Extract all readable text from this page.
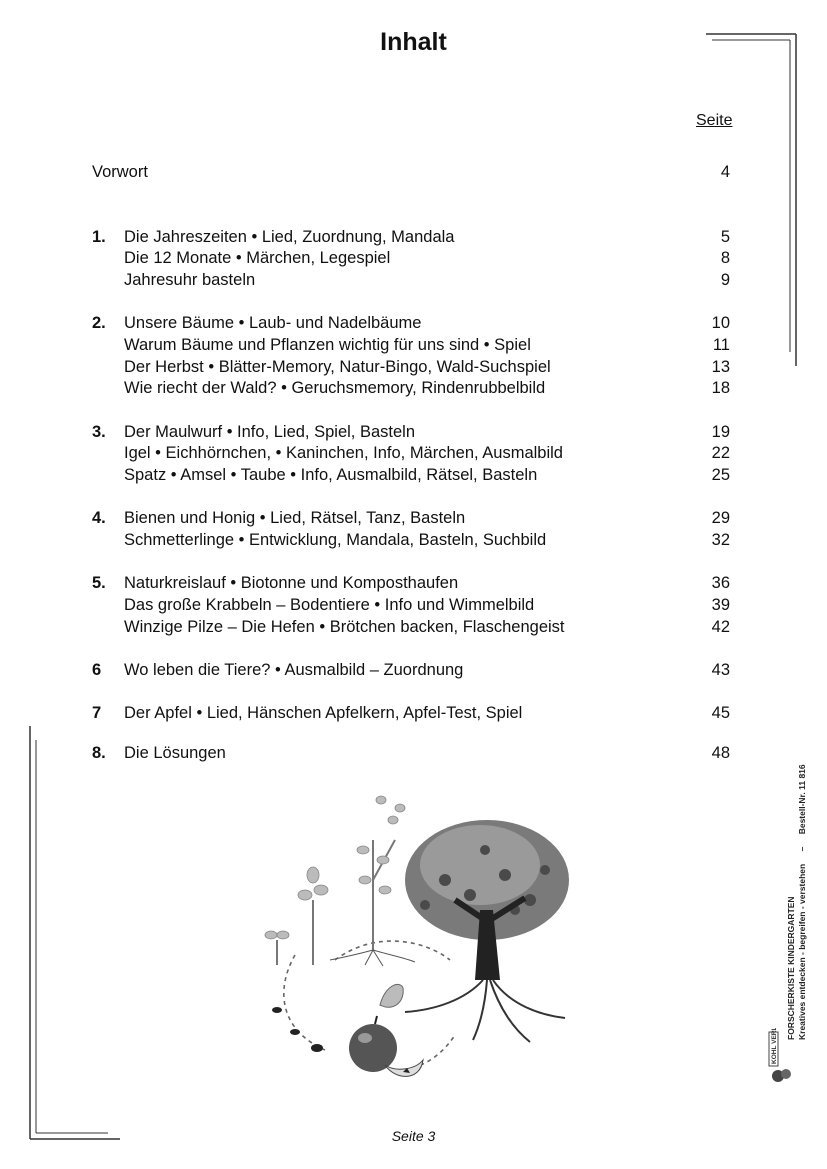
Inhalt
Seite
Vorwort	4
1. Die Jahreszeiten • Lied, Zuordnung, Mandala	5
Die 12 Monate • Märchen, Legespiel	8
Jahresuhr basteln	9
2. Unsere Bäume • Laub- und Nadelbäume	10
Warum Bäume und Pflanzen wichtig für uns sind • Spiel	11
Der Herbst • Blätter-Memory, Natur-Bingo, Wald-Suchspiel	13
Wie riecht der Wald? • Geruchsmemory, Rindenrubbelbild	18
3. Der Maulwurf • Info, Lied, Spiel, Basteln	19
Igel • Eichhörnchen, • Kaninchen, Info, Märchen, Ausmalbild	22
Spatz • Amsel • Taube • Info, Ausmalbild, Rätsel, Basteln	25
4. Bienen und Honig • Lied, Rätsel, Tanz, Basteln	29
Schmetterlinge • Entwicklung, Mandala, Basteln, Suchbild	32
5. Naturkreislauf • Biotonne und Komposthaufen	36
Das große Krabbeln – Bodentiere • Info und Wimmelbild	39
Winzige Pilze – Die Hefen • Brötchen backen, Flaschengeist	42
6 Wo leben die Tiere? • Ausmalbild – Zuordnung	43
7 Der Apfel • Lied, Hänschen Apfelkern, Apfel-Test, Spiel	45
8. Die Lösungen	48
FORSCHERKISTE KINDERGARTEN Kreatives entdecken - begreifen - verstehen – Bestell-Nr. 11 816
KOHL VERLAG
Seite 3
